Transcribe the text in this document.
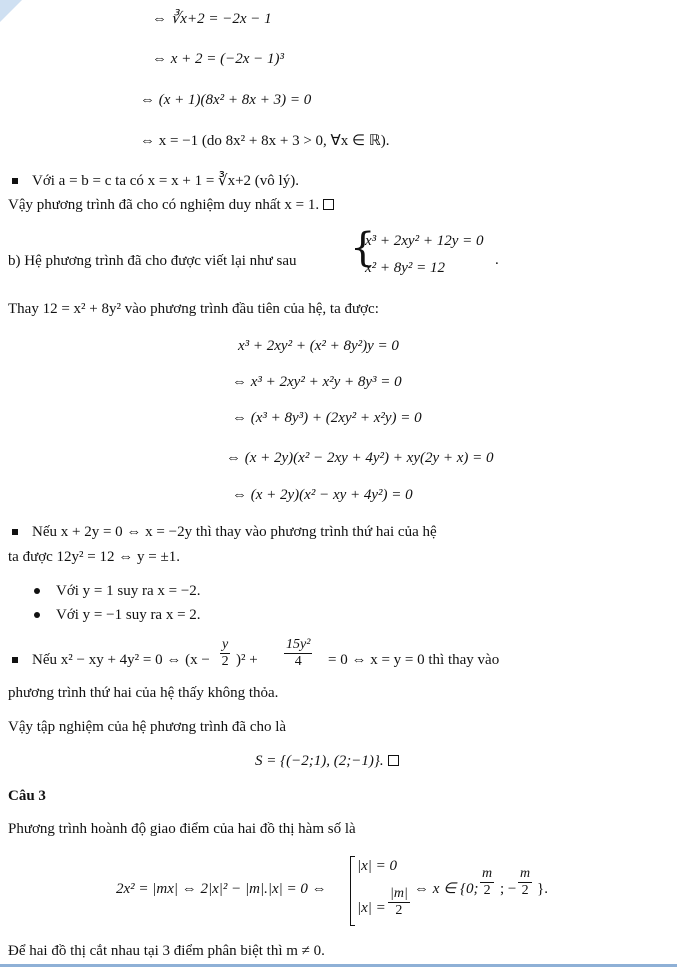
⇔ ∛x+2 = −2x − 1
⇔ x + 2 = (−2x − 1)³
⇔ (x + 1)(8x² + 8x + 3) = 0
⇔ x = −1 (do 8x² + 8x + 3 > 0, ∀x ∈ ℝ).
Với a = b = c ta có x = x + 1 = ∛x+2 (vô lý).
Vậy phương trình đã cho có nghiệm duy nhất x = 1.
b) Hệ phương trình đã cho được viết lại như sau {
x³ + 2xy² + 12y = 0
x² + 8y² = 12	.
Thay 12 = x² + 8y² vào phương trình đầu tiên của hệ, ta được:
x³ + 2xy² + (x² + 8y²)y = 0
⇔ x³ + 2xy² + x²y + 8y³ = 0
⇔ (x³ + 8y³) + (2xy² + x²y) = 0
⇔ (x + 2y)(x² − 2xy + 4y²) + xy(2y + x) = 0
⇔ (x + 2y)(x² − xy + 4y²) = 0
Nếu x + 2y = 0 ⇔ x = −2y thì thay vào phương trình thứ hai của hệ
ta được 12y² = 12 ⇔ y = ±1.
Với y = 1 suy ra x = −2.
Với y = −1 suy ra x = 2.
Nếu x² − xy + 4y² = 0 ⇔ $(x - \frac{y}{2} )^2 + \frac{\text{15y²}}{4} = 0$ ⇔ x = y = 0 thì thay vào
phương trình thứ hai của hệ thấy không thỏa.
Vậy tập nghiệm của hệ phương trình đã cho là
S = {(−2;1), (2;−1)}.
Câu 3
Phương trình hoành độ giao điểm của hai đồ thị hàm số là
2x² = |mx| ⇔ 2|x|² − |m|.|x| = 0 ⇔
|x| = 0
$|x| = \frac{|m|}{2}$ ⇔ x ∈ {0; $\frac{m}{2}$ ; − $\frac{m}{2}$ }.
Để hai đồ thị cắt nhau tại 3 điểm phân biệt thì m ≠ 0.
